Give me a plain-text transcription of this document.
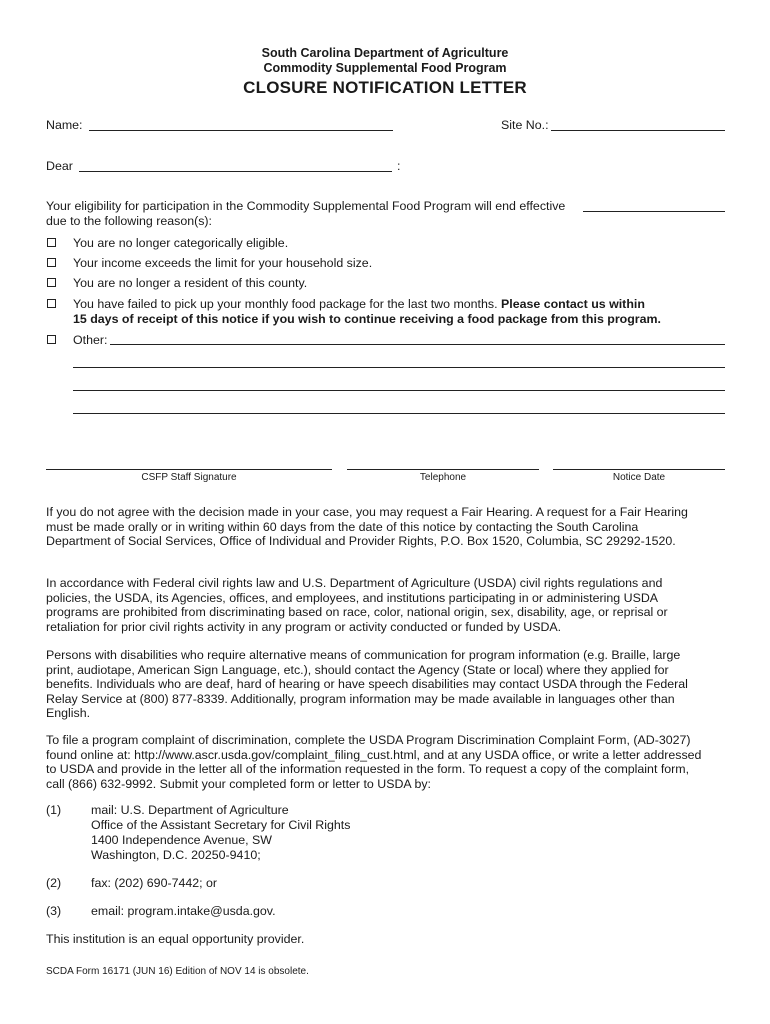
South Carolina Department of Agriculture
Commodity Supplemental Food Program
CLOSURE NOTIFICATION LETTER
Name:	Site No.:
Dear	:
Your eligibility for participation in the Commodity Supplemental Food Program will end effective
due to the following reason(s):
You are no longer categorically eligible.
Your income exceeds the limit for your household size.
You are no longer a resident of this county.
You have failed to pick up your monthly food package for the last two months. Please contact us within
15 days of receipt of this notice if you wish to continue receiving a food package from this program.
Other:
CSFP Staff Signature	Telephone	Notice Date
If you do not agree with the decision made in your case, you may request a Fair Hearing. A request for a Fair Hearing
must be made orally or in writing within 60 days from the date of this notice by contacting the South Carolina
Department of Social Services, Office of Individual and Provider Rights, P.O. Box 1520, Columbia, SC 29292-1520.
In accordance with Federal civil rights law and U.S. Department of Agriculture (USDA) civil rights regulations and
policies, the USDA, its Agencies, offices, and employees, and institutions participating in or administering USDA
programs are prohibited from discriminating based on race, color, national origin, sex, disability, age, or reprisal or
retaliation for prior civil rights activity in any program or activity conducted or funded by USDA.
Persons with disabilities who require alternative means of communication for program information (e.g. Braille, large
print, audiotape, American Sign Language, etc.), should contact the Agency (State or local) where they applied for
benefits. Individuals who are deaf, hard of hearing or have speech disabilities may contact USDA through the Federal
Relay Service at (800) 877-8339. Additionally, program information may be made available in languages other than
English.
To file a program complaint of discrimination, complete the USDA Program Discrimination Complaint Form, (AD-3027)
found online at: http://www.ascr.usda.gov/complaint_filing_cust.html, and at any USDA office, or write a letter addressed
to USDA and provide in the letter all of the information requested in the form. To request a copy of the complaint form,
call (866) 632-9992. Submit your completed form or letter to USDA by:
(1) mail: U.S. Department of Agriculture
Office of the Assistant Secretary for Civil Rights
1400 Independence Avenue, SW
Washington, D.C. 20250-9410;
(2) fax: (202) 690-7442; or
(3) email: program.intake@usda.gov.
This institution is an equal opportunity provider.
SCDA Form 16171 (JUN 16) Edition of NOV 14 is obsolete.
